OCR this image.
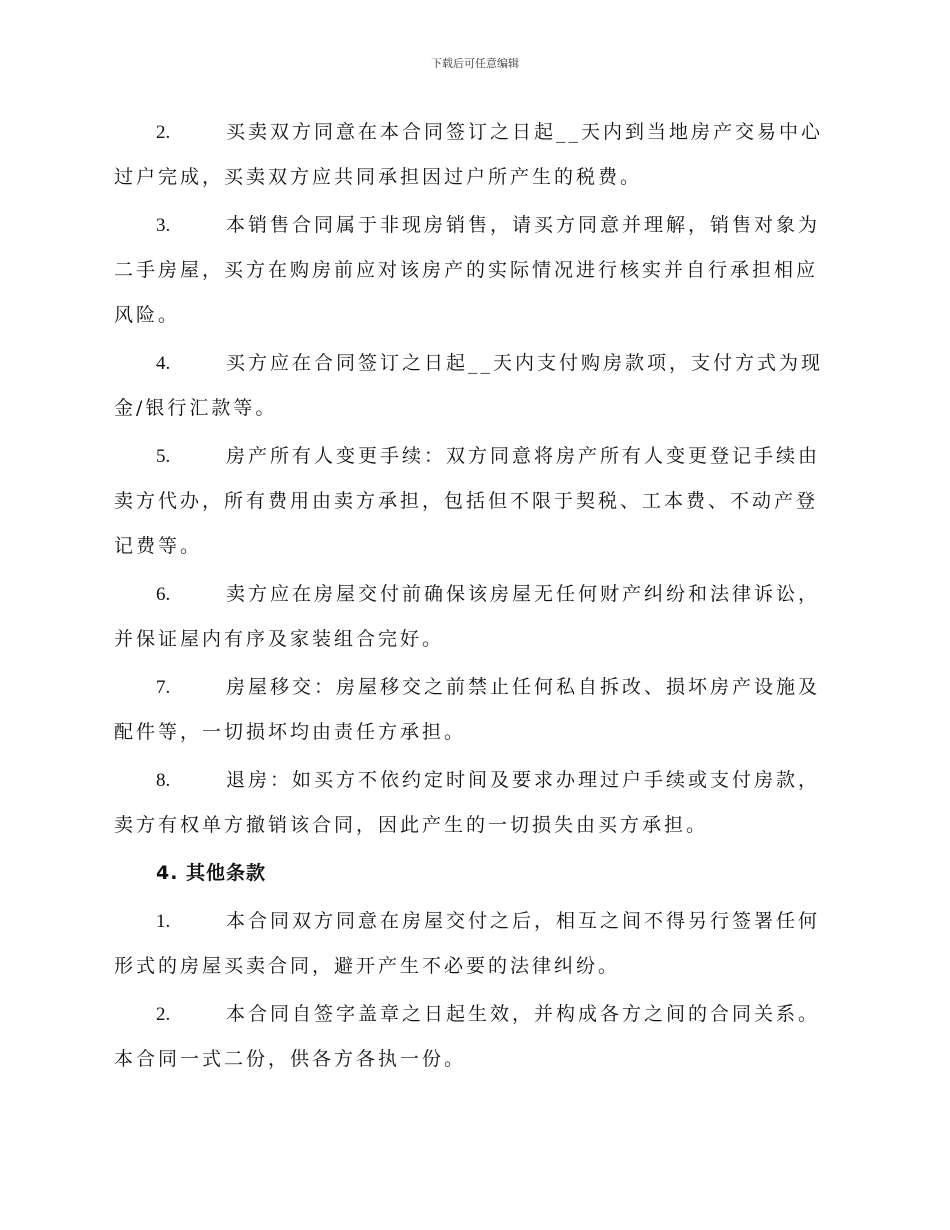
下载后可任意编辑

2.	买卖双方同意在本合同签订之日起__天内到当地房产交易中心过户完成，买卖双方应共同承担因过户所产生的税费。

3.	本销售合同属于非现房销售，请买方同意并理解，销售对象为二手房屋，买方在购房前应对该房产的实际情况进行核实并自行承担相应风险。

4.	买方应在合同签订之日起__天内支付购房款项，支付方式为现金/银行汇款等。

5.	房产所有人变更手续：双方同意将房产所有人变更登记手续由卖方代办，所有费用由卖方承担，包括但不限于契税、工本费、不动产登记费等。

6.	卖方应在房屋交付前确保该房屋无任何财产纠纷和法律诉讼，并保证屋内有序及家装组合完好。

7.	房屋移交：房屋移交之前禁止任何私自拆改、损坏房产设施及配件等，一切损坏均由责任方承担。

8.	退房：如买方不依约定时间及要求办理过户手续或支付房款，卖方有权单方撤销该合同，因此产生的一切损失由买方承担。

4. 其他条款

1.	本合同双方同意在房屋交付之后，相互之间不得另行签署任何形式的房屋买卖合同，避开产生不必要的法律纠纷。

2.	本合同自签字盖章之日起生效，并构成各方之间的合同关系。本合同一式二份，供各方各执一份。
